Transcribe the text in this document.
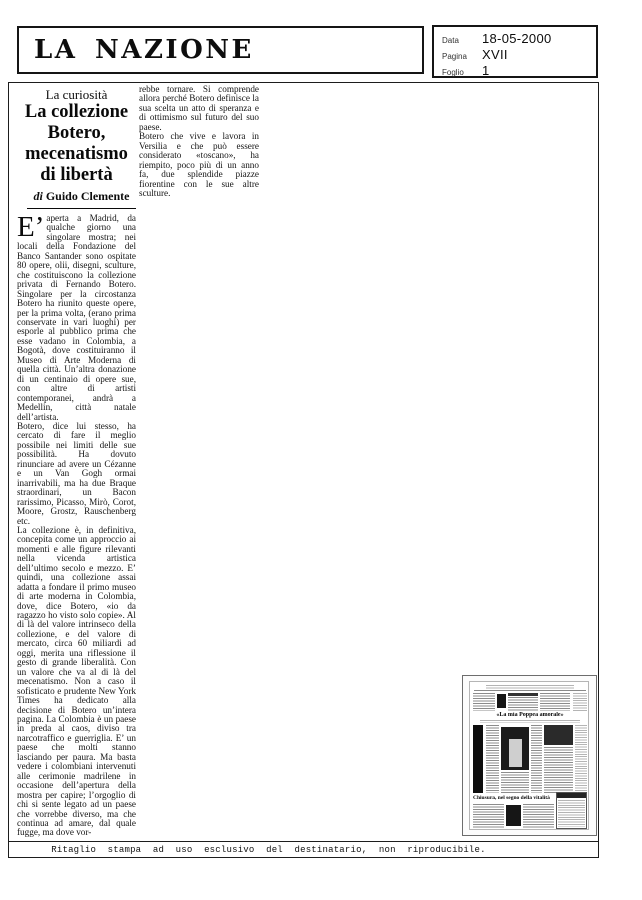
LA NAZIONE	Data	18-05-2000
Pagina	XVII
Foglio	1
La curiosità
La collezione
Botero,
mecenatismo
di libertà
di Guido Clemente

E’ aperta a Madrid, da qualche giorno una singolare mostra; nei locali della Fondazione del Banco Santander sono ospitate 80 opere, olii, disegni, sculture, che costituiscono la collezione privata di Fernando Botero. Singolare per la circostanza Botero ha riunito queste opere, per la prima volta, (erano prima conservate in vari luoghi) per esporle al pubblico prima che esse vadano in Colombia, a Bogotà, dove costituiranno il Museo di Arte Moderna di quella città. Un’altra donazione di un centinaio di opere sue, con altre di artisti contemporanei, andrà a Medellin, città natale dell’artista.

Botero, dice lui stesso, ha cercato di fare il meglio possibile nei limiti delle sue possibilità. Ha dovuto rinunciare ad avere un Cézanne e un Van Gogh ormai inarrivabili, ma ha due Braque straordinari, un Bacon rarissimo, Picasso, Mirò, Corot, Moore, Grostz, Rauschenberg etc.

La collezione è, in definitiva, concepita come un approccio ai momenti e alle figure rilevanti nella vicenda artistica dell’ultimo secolo e mezzo. E’ quindi, una collezione assai adatta a fondare il primo museo di arte moderna in Colombia, dove, dice Botero, «io da ragazzo ho visto solo copie». Al di là del valore intrinseco della collezione, e del valore di mercato, circa 60 miliardi ad oggi, merita una riflessione il gesto di grande liberalità. Con un valore che va al di là del mecenatismo. Non a caso il sofisticato e prudente New York Times ha dedicato alla decisione di Botero un’intera pagina. La Colombia è un paese in preda al caos, diviso tra narcotraffico e guerriglia. E’ un paese che molti stanno lasciando per paura. Ma basta vedere i colombiani intervenuti alle cerimonie madrilene in occasione dell’apertura della mostra per capire; l’orgoglio di chi si sente legato ad un paese che vorrebbe diverso, ma che continua ad amare, dal quale fugge, ma dove vor-

rebbe tornare. Si comprende allora perché Botero definisce la sua scelta un atto di speranza e di ottimismo sul futuro del suo paese.

Botero che vive e lavora in Versilia e che può essere considerato «toscano», ha riempito, poco più di un anno fa, due splendide piazze fiorentine con le sue altre sculture.

«La mia Poppea amorale»
Chiusura, nel segno della vitalità
Ritaglio stampa ad uso esclusivo del destinatario, non riproducibile.
